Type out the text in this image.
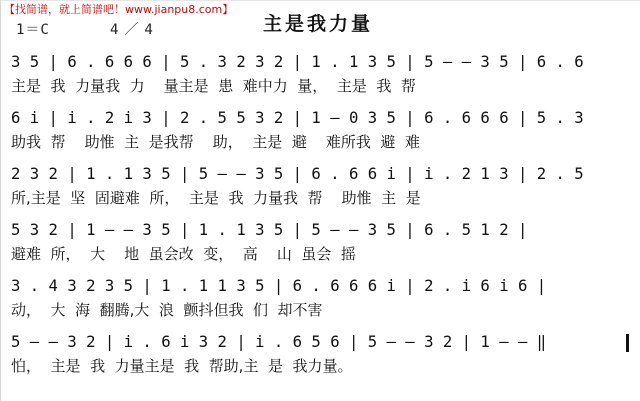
【找简谱，就上简谱吧！www.jianpu8.com】
主是我力量
1＝C	4／4
3 5 | 6 . 6 6 6 | 5 . 3 2 3 2 | 1 . 1 3 5 | 5 — — 3 5 | 6 . 6
主是  我  力量我  力    量主是  患  难中力  量，  主是  我  帮
6 i | i . 2 i 3 | 2 . 5 5 3 2 | 1 — 0 3 5 | 6 . 6 6 6 | 5 . 3
助我  帮    助惟  主  是我帮    助，  主是  避    难所我  避  难
2 3 2 | 1 . 1 3 5 | 5 — — 3 5 | 6 . 6 6 i | i . 2 1 3 | 2 . 5
所,主是  坚  固避难  所，  主是  我  力量我  帮    助惟  主  是
5 3 2 | 1 — — 3 5 | 1 . 1 3 5 | 5 — — 3 5 | 6 . 5 1 2 |
避难  所，  大    地  虽会改  变，  高    山  虽会  摇
3 . 4 3 2 3 5 | 1 . 1 1 3 5 | 6 . 6 6 6 i | 2 . i 6 i 6 |
动，  大  海  翻腾,大  浪  颤抖但我  们  却不害
5 — — 3 2 | i . 6 i 3 2 | i . 6 5 6 | 5 — — 3 2 | 1 — — ‖
怕，  主是  我  力量主是  我  帮助,主  是  我力量。
